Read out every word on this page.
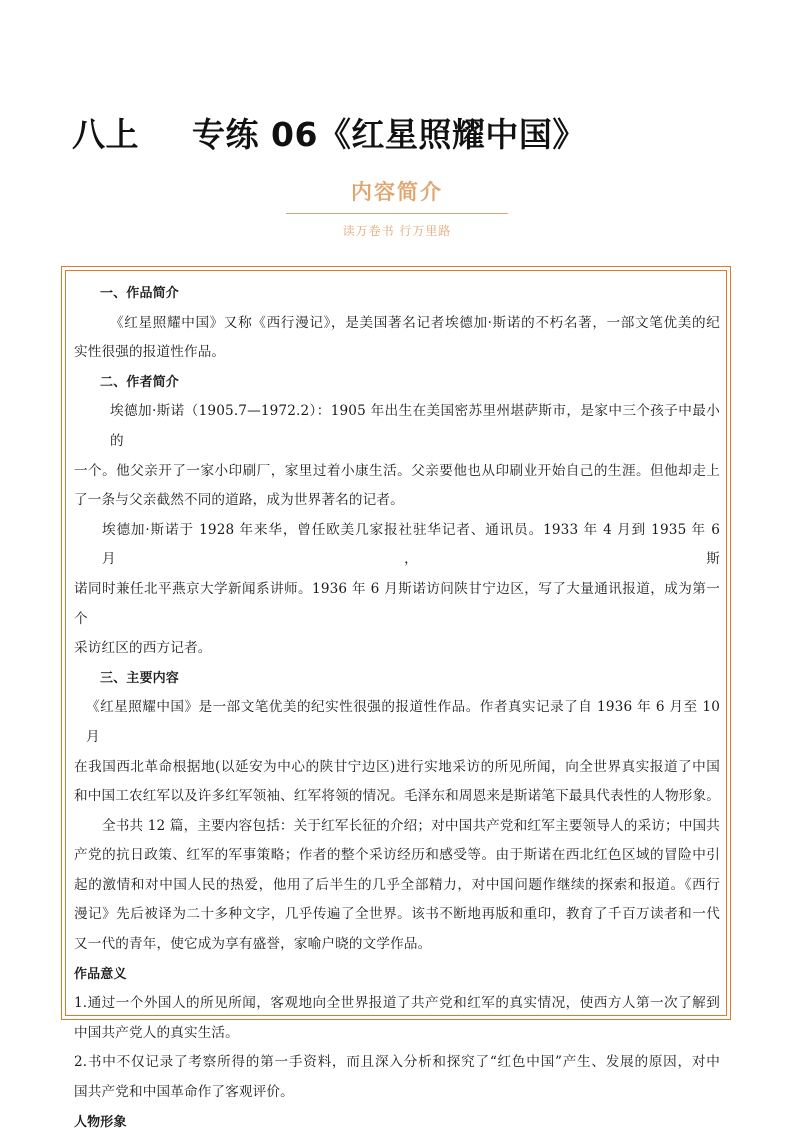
八上	专练 06《红星照耀中国》
内容简介
读万卷书 行万里路
一、作品简介
《红星照耀中国》又称《西行漫记》，是美国著名记者埃德加·斯诺的不朽名著，一部文笔优美的纪
实性很强的报道性作品。
二、作者简介
埃德加·斯诺（1905.7—1972.2）：1905 年出生在美国密苏里州堪萨斯市，是家中三个孩子中最小的
一个。他父亲开了一家小印刷厂，家里过着小康生活。父亲要他也从印刷业开始自己的生涯。但他却走上
了一条与父亲截然不同的道路，成为世界著名的记者。
埃德加·斯诺于 1928 年来华，曾任欧美几家报社驻华记者、通讯员。1933 年 4 月到 1935 年 6 月，斯
诺同时兼任北平燕京大学新闻系讲师。1936 年 6 月斯诺访问陕甘宁边区，写了大量通讯报道，成为第一个
采访红区的西方记者。
三、主要内容
《红星照耀中国》是一部文笔优美的纪实性很强的报道性作品。作者真实记录了自 1936 年 6 月至 10 月
在我国西北革命根据地(以延安为中心的陕甘宁边区)进行实地采访的所见所闻，向全世界真实报道了中国
和中国工农红军以及许多红军领袖、红军将领的情况。毛泽东和周恩来是斯诺笔下最具代表性的人物形象。
全书共 12 篇，主要内容包括：关于红军长征的介绍；对中国共产党和红军主要领导人的采访；中国共
产党的抗日政策、红军的军事策略；作者的整个采访经历和感受等。由于斯诺在西北红色区域的冒险中引
起的激情和对中国人民的热爱，他用了后半生的几乎全部精力，对中国问题作继续的探索和报道。《西行
漫记》先后被译为二十多种文字，几乎传遍了全世界。该书不断地再版和重印，教育了千百万读者和一代
又一代的青年，使它成为享有盛誉，家喻户晓的文学作品。
作品意义
1.通过一个外国人的所见所闻，客观地向全世界报道了共产党和红军的真实情况，使西方人第一次了解到
中国共产党人的真实生活。
2.书中不仅记录了考察所得的第一手资料，而且深入分析和探究了“红色中国”产生、发展的原因，对中
国共产党和中国革命作了客观评价。
人物形象
